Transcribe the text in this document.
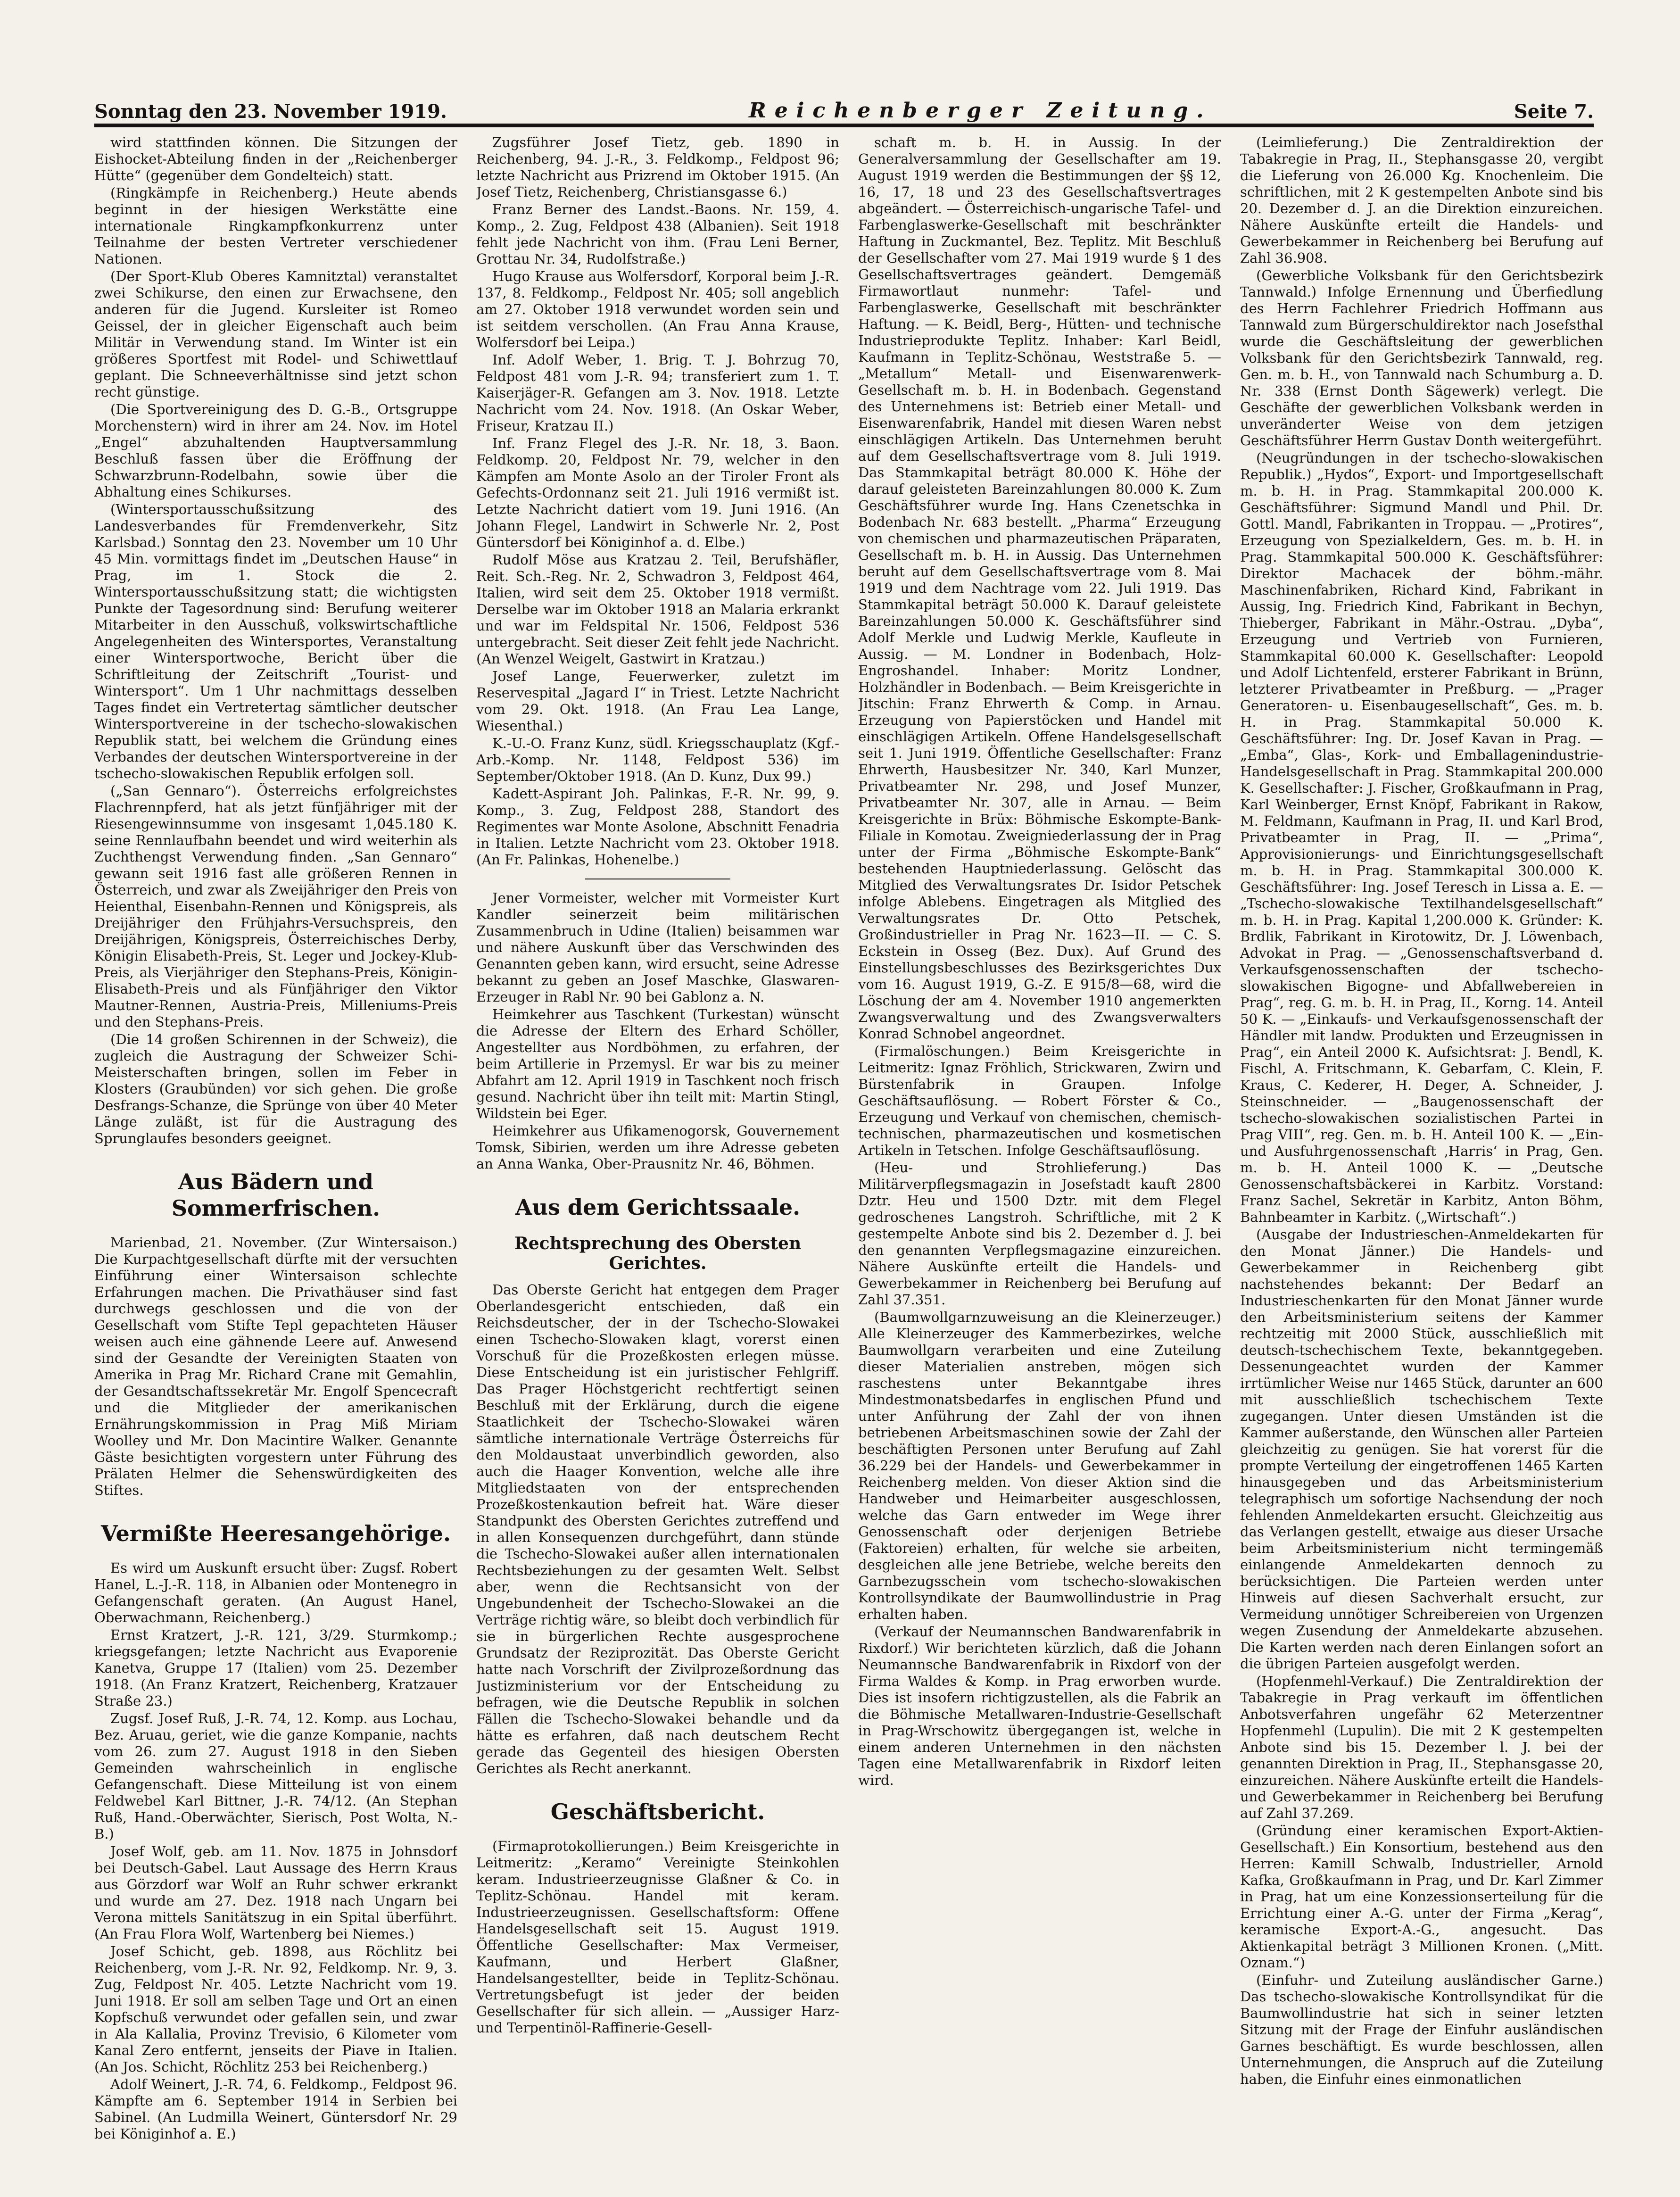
Sonntag den 23. November 1919.	Reichenberger Zeitung.	Seite 7.

wird stattfinden können. Die Sitzungen der Eishocket-Abteilung finden in der „Reichenberger Hütte“ (gegenüber dem Gondelteich) statt.

(Ringkämpfe in Reichenberg.) Heute abends beginnt in der hiesigen Werkstätte eine internationale Ringkampfkonkurrenz unter Teilnahme der besten Vertreter verschiedener Nationen.

(Der Sport-Klub Oberes Kamnitztal) veranstaltet zwei Schikurse, den einen zur Erwachsene, den anderen für die Jugend. Kursleiter ist Romeo Geissel, der in gleicher Eigenschaft auch beim Militär in Verwendung stand. Im Winter ist ein größeres Sportfest mit Rodel- und Schiwettlauf geplant. Die Schneeverhältnisse sind jetzt schon recht günstige.

(Die Sportvereinigung des D. G.-B., Ortsgruppe Morchenstern) wird in ihrer am 24. Nov. im Hotel „Engel“ abzuhaltenden Hauptversammlung Beschluß fassen über die Eröffnung der Schwarzbrunn-Rodelbahn, sowie über die Abhaltung eines Schikurses.

(Wintersportausschußsitzung des Landesverbandes für Fremdenverkehr, Sitz Karlsbad.) Sonntag den 23. November um 10 Uhr 45 Min. vormittags findet im „Deutschen Hause“ in Prag, im 1. Stock die 2. Wintersportausschußsitzung statt; die wichtigsten Punkte der Tagesordnung sind: Berufung weiterer Mitarbeiter in den Ausschuß, volkswirtschaftliche Angelegenheiten des Wintersportes, Veranstaltung einer Wintersportwoche, Bericht über die Schriftleitung der Zeitschrift „Tourist- und Wintersport“. Um 1 Uhr nachmittags desselben Tages findet ein Vertretertag sämtlicher deutscher Wintersportvereine in der tschecho-slowakischen Republik statt, bei welchem die Gründung eines Verbandes der deutschen Wintersportvereine in der tschecho-slowakischen Republik erfolgen soll.

(„San Gennaro“). Österreichs erfolgreichstes Flachrennpferd, hat als jetzt fünfjähriger mit der Riesengewinnsumme von insgesamt 1,045.180 K. seine Rennlaufbahn beendet und wird weiterhin als Zuchthengst Verwendung finden. „San Gennaro“ gewann seit 1916 fast alle größeren Rennen in Österreich, und zwar als Zweijähriger den Preis von Heienthal, Eisenbahn-Rennen und Königspreis, als Dreijähriger den Frühjahrs-Versuchspreis, den Dreijährigen, Königspreis, Österreichisches Derby, Königin Elisabeth-Preis, St. Leger und Jockey-Klub-Preis, als Vierjähriger den Stephans-Preis, Königin-Elisabeth-Preis und als Fünfjähriger den Viktor Mautner-Rennen, Austria-Preis, Milleniums-Preis und den Stephans-Preis.

(Die 14 großen Schirennen in der Schweiz), die zugleich die Austragung der Schweizer Schi-Meisterschaften bringen, sollen im Feber in Klosters (Graubünden) vor sich gehen. Die große Desfrangs-Schanze, die Sprünge von über 40 Meter Länge zuläßt, ist für die Austragung des Sprunglaufes besonders geeignet.

Aus Bädern und Sommerfrischen.

Marienbad, 21. November. (Zur Wintersaison.) Die Kurpachtgesellschaft dürfte mit der versuchten Einführung einer Wintersaison schlechte Erfahrungen machen. Die Privathäuser sind fast durchwegs geschlossen und die von der Gesellschaft vom Stifte Tepl gepachteten Häuser weisen auch eine gähnende Leere auf. Anwesend sind der Gesandte der Vereinigten Staaten von Amerika in Prag Mr. Richard Crane mit Gemahlin, der Gesandtschaftssekretär Mr. Engolf Spencecraft und die Mitglieder der amerikanischen Ernährungskommission in Prag Miß Miriam Woolley und Mr. Don Macintire Walker. Genannte Gäste besichtigten vorgestern unter Führung des Prälaten Helmer die Sehenswürdigkeiten des Stiftes.

Vermißte Heeresangehörige.

Es wird um Auskunft ersucht über: Zugsf. Robert Hanel, L.-J.-R. 118, in Albanien oder Montenegro in Gefangenschaft geraten. (An August Hanel, Oberwachmann, Reichenberg.)

Ernst Kratzert, J.-R. 121, 3/29. Sturmkomp.; kriegsgefangen; letzte Nachricht aus Evaporenie Kanetva, Gruppe 17 (Italien) vom 25. Dezember 1918. (An Franz Kratzert, Reichenberg, Kratzauer Straße 23.)

Zugsf. Josef Ruß, J.-R. 74, 12. Komp. aus Lochau, Bez. Aruau, geriet, wie die ganze Kompanie, nachts vom 26. zum 27. August 1918 in den Sieben Gemeinden wahrscheinlich in englische Gefangenschaft. Diese Mitteilung ist von einem Feldwebel Karl Bittner, J.-R. 74/12. (An Stephan Ruß, Hand.-Oberwächter, Sierisch, Post Wolta, N.-B.)

Josef Wolf, geb. am 11. Nov. 1875 in Johnsdorf bei Deutsch-Gabel. Laut Aussage des Herrn Kraus aus Görzdorf war Wolf an Ruhr schwer erkrankt und wurde am 27. Dez. 1918 nach Ungarn bei Verona mittels Sanitätszug in ein Spital überführt. (An Frau Flora Wolf, Wartenberg bei Niemes.)

Josef Schicht, geb. 1898, aus Röchlitz bei Reichenberg, vom J.-R. Nr. 92, Feldkomp. Nr. 9, 3. Zug, Feldpost Nr. 405. Letzte Nachricht vom 19. Juni 1918. Er soll am selben Tage und Ort an einen Kopfschuß verwundet oder gefallen sein, und zwar in Ala Kallalia, Provinz Trevisio, 6 Kilometer vom Kanal Zero entfernt, jenseits der Piave in Italien. (An Jos. Schicht, Röchlitz 253 bei Reichenberg.)

Adolf Weinert, J.-R. 74, 6. Feldkomp., Feldpost 96. Kämpfte am 6. September 1914 in Serbien bei Sabinel. (An Ludmilla Weinert, Güntersdorf Nr. 29 bei Königinhof a. E.)

Zugsführer Josef Tietz, geb. 1890 in Reichenberg, 94. J.-R., 3. Feldkomp., Feldpost 96; letzte Nachricht aus Prizrend im Oktober 1915. (An Josef Tietz, Reichenberg, Christiansgasse 6.)

Franz Berner des Landst.-Baons. Nr. 159, 4. Komp., 2. Zug, Feldpost 438 (Albanien). Seit 1918 fehlt jede Nachricht von ihm. (Frau Leni Berner, Grottau Nr. 34, Rudolfstraße.)

Hugo Krause aus Wolfersdorf, Korporal beim J.-R. 137, 8. Feldkomp., Feldpost Nr. 405; soll angeblich am 27. Oktober 1918 verwundet worden sein und ist seitdem verschollen. (An Frau Anna Krause, Wolfersdorf bei Leipa.)

Inf. Adolf Weber, 1. Brig. T. J. Bohrzug 70, Feldpost 481 vom J.-R. 94; transferiert zum 1. T. Kaiserjäger-R. Gefangen am 3. Nov. 1918. Letzte Nachricht vom 24. Nov. 1918. (An Oskar Weber, Friseur, Kratzau II.)

Inf. Franz Flegel des J.-R. Nr. 18, 3. Baon. Feldkomp. 20, Feldpost Nr. 79, welcher in den Kämpfen am Monte Asolo an der Tiroler Front als Gefechts-Ordonnanz seit 21. Juli 1916 vermißt ist. Letzte Nachricht datiert vom 19. Juni 1916. (An Johann Flegel, Landwirt in Schwerle Nr. 2, Post Güntersdorf bei Königinhof a. d. Elbe.)

Rudolf Möse aus Kratzau 2. Teil, Berufshäfler, Reit. Sch.-Reg. Nr. 2, Schwadron 3, Feldpost 464, Italien, wird seit dem 25. Oktober 1918 vermißt. Derselbe war im Oktober 1918 an Malaria erkrankt und war im Feldspital Nr. 1506, Feldpost 536 untergebracht. Seit dieser Zeit fehlt jede Nachricht. (An Wenzel Weigelt, Gastwirt in Kratzau.)

Josef Lange, Feuerwerker, zuletzt im Reservespital „Jagard I“ in Triest. Letzte Nachricht vom 29. Okt. 1918. (An Frau Lea Lange, Wiesenthal.)

K.-U.-O. Franz Kunz, südl. Kriegsschauplatz (Kgf.-Arb.-Komp. Nr. 1148, Feldpost 536) im September/Oktober 1918. (An D. Kunz, Dux 99.)

Kadett-Aspirant Joh. Palinkas, F.-R. Nr. 99, 9. Komp., 3. Zug, Feldpost 288, Standort des Regimentes war Monte Asolone, Abschnitt Fenadria in Italien. Letzte Nachricht vom 23. Oktober 1918. (An Fr. Palinkas, Hohenelbe.)

Jener Vormeister, welcher mit Vormeister Kurt Kandler seinerzeit beim militärischen Zusammenbruch in Udine (Italien) beisammen war und nähere Auskunft über das Verschwinden des Genannten geben kann, wird ersucht, seine Adresse bekannt zu geben an Josef Maschke, Glaswaren-Erzeuger in Rabl Nr. 90 bei Gablonz a. N.

Heimkehrer aus Taschkent (Turkestan) wünscht die Adresse der Eltern des Erhard Schöller, Angestellter aus Nordböhmen, zu erfahren, der beim Artillerie in Przemysl. Er war bis zu meiner Abfahrt am 12. April 1919 in Taschkent noch frisch gesund. Nachricht über ihn teilt mit: Martin Stingl, Wildstein bei Eger.

Heimkehrer aus Ufikamenogorsk, Gouvernement Tomsk, Sibirien, werden um ihre Adresse gebeten an Anna Wanka, Ober-Prausnitz Nr. 46, Böhmen.

Aus dem Gerichtssaale.
Rechtsprechung des Obersten Gerichtes.

Das Oberste Gericht hat entgegen dem Prager Oberlandesgericht entschieden, daß ein Reichsdeutscher, der in der Tschecho-Slowakei einen Tschecho-Slowaken klagt, vorerst einen Vorschuß für die Prozeßkosten erlegen müsse. Diese Entscheidung ist ein juristischer Fehlgriff. Das Prager Höchstgericht rechtfertigt seinen Beschluß mit der Erklärung, durch die eigene Staatlichkeit der Tschecho-Slowakei wären sämtliche internationale Verträge Österreichs für den Moldaustaat unverbindlich geworden, also auch die Haager Konvention, welche alle ihre Mitgliedstaaten von der entsprechenden Prozeßkostenkaution befreit hat. Wäre dieser Standpunkt des Obersten Gerichtes zutreffend und in allen Konsequenzen durchgeführt, dann stünde die Tschecho-Slowakei außer allen internationalen Rechtsbeziehungen zu der gesamten Welt. Selbst aber, wenn die Rechtsansicht von der Ungebundenheit der Tschecho-Slowakei an die Verträge richtig wäre, so bleibt doch verbindlich für sie in bürgerlichen Rechte ausgesprochene Grundsatz der Reziprozität. Das Oberste Gericht hatte nach Vorschrift der Zivilprozeßordnung das Justizministerium vor der Entscheidung zu befragen, wie die Deutsche Republik in solchen Fällen die Tschecho-Slowakei behandle und da hätte es erfahren, daß nach deutschem Recht gerade das Gegenteil des hiesigen Obersten Gerichtes als Recht anerkannt.

Geschäftsbericht.

(Firmaprotokollierungen.) Beim Kreisgerichte in Leitmeritz: „Keramo“ Vereinigte Steinkohlen keram. Industrieerzeugnisse Glaßner & Co. in Teplitz-Schönau. Handel mit keram. Industrieerzeugnissen. Gesellschaftsform: Offene Handelsgesellschaft seit 15. August 1919. Öffentliche Gesellschafter: Max Vermeiser, Kaufmann, und Herbert Glaßner, Handelsangestellter, beide in Teplitz-Schönau. Vertretungsbefugt ist jeder der beiden Gesellschafter für sich allein. — „Aussiger Harz- und Terpentinöl-Raffinerie-Gesell-

schaft m. b. H. in Aussig. In der Generalversammlung der Gesellschafter am 19. August 1919 werden die Bestimmungen der §§ 12, 16, 17, 18 und 23 des Gesellschaftsvertrages abgeändert. — Österreichisch-ungarische Tafel- und Farbenglaswerke-Gesellschaft mit beschränkter Haftung in Zuckmantel, Bez. Teplitz. Mit Beschluß der Gesellschafter vom 27. Mai 1919 wurde § 1 des Gesellschaftsvertrages geändert. Demgemäß Firmawortlaut nunmehr: Tafel- und Farbenglaswerke, Gesellschaft mit beschränkter Haftung. — K. Beidl, Berg-, Hütten- und technische Industrieprodukte Teplitz. Inhaber: Karl Beidl, Kaufmann in Teplitz-Schönau, Weststraße 5. — „Metallum“ Metall- und Eisenwarenwerk-Gesellschaft m. b. H. in Bodenbach. Gegenstand des Unternehmens ist: Betrieb einer Metall- und Eisenwarenfabrik, Handel mit diesen Waren nebst einschlägigen Artikeln. Das Unternehmen beruht auf dem Gesellschaftsvertrage vom 8. Juli 1919. Das Stammkapital beträgt 80.000 K. Höhe der darauf geleisteten Bareinzahlungen 80.000 K. Zum Geschäftsführer wurde Ing. Hans Czenetschka in Bodenbach Nr. 683 bestellt. „Pharma“ Erzeugung von chemischen und pharmazeutischen Präparaten, Gesellschaft m. b. H. in Aussig. Das Unternehmen beruht auf dem Gesellschaftsvertrage vom 8. Mai 1919 und dem Nachtrage vom 22. Juli 1919. Das Stammkapital beträgt 50.000 K. Darauf geleistete Bareinzahlungen 50.000 K. Geschäftsführer sind Adolf Merkle und Ludwig Merkle, Kaufleute in Aussig. — M. Londner in Bodenbach, Holz-Engroshandel. Inhaber: Moritz Londner, Holzhändler in Bodenbach. — Beim Kreisgerichte in Jitschin: Franz Ehrwerth & Comp. in Arnau. Erzeugung von Papierstöcken und Handel mit einschlägigen Artikeln. Offene Handelsgesellschaft seit 1. Juni 1919. Öffentliche Gesellschafter: Franz Ehrwerth, Hausbesitzer Nr. 340, Karl Munzer, Privatbeamter Nr. 298, und Josef Munzer, Privatbeamter Nr. 307, alle in Arnau. — Beim Kreisgerichte in Brüx: Böhmische Eskompte-Bank-Filiale in Komotau. Zweigniederlassung der in Prag unter der Firma „Böhmische Eskompte-Bank“ bestehenden Hauptniederlassung. Gelöscht das Mitglied des Verwaltungsrates Dr. Isidor Petschek infolge Ablebens. Eingetragen als Mitglied des Verwaltungsrates Dr. Otto Petschek, Großindustrieller in Prag Nr. 1623—II. — C. S. Eckstein in Osseg (Bez. Dux). Auf Grund des Einstellungsbeschlusses des Bezirksgerichtes Dux vom 16. August 1919, G.-Z. E 915/8—68, wird die Löschung der am 4. November 1910 angemerkten Zwangsverwaltung und des Zwangsverwalters Konrad Schnobel angeordnet.

(Firmalöschungen.) Beim Kreisgerichte in Leitmeritz: Ignaz Fröhlich, Strickwaren, Zwirn und Bürstenfabrik in Graupen. Infolge Geschäftsauflösung. — Robert Förster & Co., Erzeugung und Verkauf von chemischen, chemisch-technischen, pharmazeutischen und kosmetischen Artikeln in Tetschen. Infolge Geschäftsauflösung.

(Heu- und Strohlieferung.) Das Militärverpflegsmagazin in Josefstadt kauft 2800 Dztr. Heu und 1500 Dztr. mit dem Flegel gedroschenes Langstroh. Schriftliche, mit 2 K gestempelte Anbote sind bis 2. Dezember d. J. bei den genannten Verpflegsmagazine einzureichen. Nähere Auskünfte erteilt die Handels- und Gewerbekammer in Reichenberg bei Berufung auf Zahl 37.351.

(Baumwollgarnzuweisung an die Kleinerzeuger.) Alle Kleinerzeuger des Kammerbezirkes, welche Baumwollgarn verarbeiten und eine Zuteilung dieser Materialien anstreben, mögen sich raschestens unter Bekanntgabe ihres Mindestmonatsbedarfes in englischen Pfund und unter Anführung der Zahl der von ihnen betriebenen Arbeitsmaschinen sowie der Zahl der beschäftigten Personen unter Berufung auf Zahl 36.229 bei der Handels- und Gewerbekammer in Reichenberg melden. Von dieser Aktion sind die Handweber und Heimarbeiter ausgeschlossen, welche das Garn entweder im Wege ihrer Genossenschaft oder derjenigen Betriebe (Faktoreien) erhalten, für welche sie arbeiten, desgleichen alle jene Betriebe, welche bereits den Garnbezugsschein vom tschecho-slowakischen Kontrollsyndikate der Baumwollindustrie in Prag erhalten haben.

(Verkauf der Neumannschen Bandwarenfabrik in Rixdorf.) Wir berichteten kürzlich, daß die Johann Neumannsche Bandwarenfabrik in Rixdorf von der Firma Waldes & Komp. in Prag erworben wurde. Dies ist insofern richtigzustellen, als die Fabrik an die Böhmische Metallwaren-Industrie-Gesellschaft in Prag-Wrschowitz übergegangen ist, welche in einem anderen Unternehmen in den nächsten Tagen eine Metallwarenfabrik in Rixdorf leiten wird.

(Leimlieferung.) Die Zentraldirektion der Tabakregie in Prag, II., Stephansgasse 20, vergibt die Lieferung von 26.000 Kg. Knochenleim. Die schriftlichen, mit 2 K gestempelten Anbote sind bis 20. Dezember d. J. an die Direktion einzureichen. Nähere Auskünfte erteilt die Handels- und Gewerbekammer in Reichenberg bei Berufung auf Zahl 36.908.

(Gewerbliche Volksbank für den Gerichtsbezirk Tannwald.) Infolge Ernennung und Überfiedlung des Herrn Fachlehrer Friedrich Hoffmann aus Tannwald zum Bürgerschuldirektor nach Josefsthal wurde die Geschäftsleitung der gewerblichen Volksbank für den Gerichtsbezirk Tannwald, reg. Gen. m. b. H., von Tannwald nach Schumburg a. D. Nr. 338 (Ernst Donth Sägewerk) verlegt. Die Geschäfte der gewerblichen Volksbank werden in unveränderter Weise von dem jetzigen Geschäftsführer Herrn Gustav Donth weitergeführt.

(Neugründungen in der tschecho-slowakischen Republik.) „Hydos“, Export- und Importgesellschaft m. b. H. in Prag. Stammkapital 200.000 K. Geschäftsführer: Sigmund Mandl und Phil. Dr. Gottl. Mandl, Fabrikanten in Troppau. — „Protires“, Erzeugung von Spezialkeldern, Ges. m. b. H. in Prag. Stammkapital 500.000 K. Geschäftsführer: Direktor Machacek der böhm.-mähr. Maschinenfabriken, Richard Kind, Fabrikant in Aussig, Ing. Friedrich Kind, Fabrikant in Bechyn, Thieberger, Fabrikant in Mähr.-Ostrau. „Dyba“, Erzeugung und Vertrieb von Furnieren, Stammkapital 60.000 K. Gesellschafter: Leopold und Adolf Lichtenfeld, ersterer Fabrikant in Brünn, letzterer Privatbeamter in Preßburg. — „Prager Generatoren- u. Eisenbaugesellschaft“, Ges. m. b. H. in Prag. Stammkapital 50.000 K. Geschäftsführer: Ing. Dr. Josef Kavan in Prag. — „Emba“, Glas-, Kork- und Emballagenindustrie-Handelsgesellschaft in Prag. Stammkapital 200.000 K. Gesellschafter: J. Fischer, Großkaufmann in Prag, Karl Weinberger, Ernst Knöpf, Fabrikant in Rakow, M. Feldmann, Kaufmann in Prag, II. und Karl Brod, Privatbeamter in Prag, II. — „Prima“, Approvisionierungs- und Einrichtungsgesellschaft m. b. H. in Prag. Stammkapital 300.000 K. Geschäftsführer: Ing. Josef Teresch in Lissa a. E. — „Tschecho-slowakische Textilhandelsgesellschaft“ m. b. H. in Prag. Kapital 1,200.000 K. Gründer: K. Brdlik, Fabrikant in Kirotowitz, Dr. J. Löwenbach, Advokat in Prag. — „Genossenschaftsverband d. Verkaufsgenossenschaften der tschecho-slowakischen Bigogne- und Abfallwebereien in Prag“, reg. G. m. b. H. in Prag, II., Korng. 14. Anteil 50 K. — „Einkaufs- und Verkaufsgenossenschaft der Händler mit landw. Produkten und Erzeugnissen in Prag“, ein Anteil 2000 K. Aufsichtsrat: J. Bendl, K. Fischl, A. Fritschmann, K. Gebarfam, C. Klein, F. Kraus, C. Kederer, H. Deger, A. Schneider, J. Steinschneider. — „Baugenossenschaft der tschecho-slowakischen sozialistischen Partei in Prag VIII“, reg. Gen. m. b. H. Anteil 100 K. — „Ein- und Ausfuhrgenossenschaft ,Harris‘ in Prag, Gen. m. b. H. Anteil 1000 K. — „Deutsche Genossenschaftsbäckerei in Karbitz. Vorstand: Franz Sachel, Sekretär in Karbitz, Anton Böhm, Bahnbeamter in Karbitz. („Wirtschaft“.)

(Ausgabe der Industrieschen-Anmeldekarten für den Monat Jänner.) Die Handels- und Gewerbekammer in Reichenberg gibt nachstehendes bekannt: Der Bedarf an Industrieschenkarten für den Monat Jänner wurde den Arbeitsministerium seitens der Kammer rechtzeitig mit 2000 Stück, ausschließlich mit deutsch-tschechischem Texte, bekanntgegeben. Dessenungeachtet wurden der Kammer irrtümlicher Weise nur 1465 Stück, darunter an 600 mit ausschließlich tschechischem Texte zugegangen. Unter diesen Umständen ist die Kammer außerstande, den Wünschen aller Parteien gleichzeitig zu genügen. Sie hat vorerst für die prompte Verteilung der eingetroffenen 1465 Karten hinausgegeben und das Arbeitsministerium telegraphisch um sofortige Nachsendung der noch fehlenden Anmeldekarten ersucht. Gleichzeitig aus das Verlangen gestellt, etwaige aus dieser Ursache beim Arbeitsministerium nicht termingemäß einlangende Anmeldekarten dennoch zu berücksichtigen. Die Parteien werden unter Hinweis auf diesen Sachverhalt ersucht, zur Vermeidung unnötiger Schreibereien von Urgenzen wegen Zusendung der Anmeldekarte abzusehen. Die Karten werden nach deren Einlangen sofort an die übrigen Parteien ausgefolgt werden.

(Hopfenmehl-Verkauf.) Die Zentraldirektion der Tabakregie in Prag verkauft im öffentlichen Anbotsverfahren ungefähr 62 Meterzentner Hopfenmehl (Lupulin). Die mit 2 K gestempelten Anbote sind bis 15. Dezember l. J. bei der genannten Direktion in Prag, II., Stephansgasse 20, einzureichen. Nähere Auskünfte erteilt die Handels- und Gewerbekammer in Reichenberg bei Berufung auf Zahl 37.269.

(Gründung einer keramischen Export-Aktien-Gesellschaft.) Ein Konsortium, bestehend aus den Herren: Kamill Schwalb, Industrieller, Arnold Kafka, Großkaufmann in Prag, und Dr. Karl Zimmer in Prag, hat um eine Konzessionserteilung für die Errichtung einer A.-G. unter der Firma „Kerag“, keramische Export-A.-G., angesucht. Das Aktienkapital beträgt 3 Millionen Kronen. („Mitt. Oznam.“)

(Einfuhr- und Zuteilung ausländischer Garne.) Das tschecho-slowakische Kontrollsyndikat für die Baumwollindustrie hat sich in seiner letzten Sitzung mit der Frage der Einfuhr ausländischen Garnes beschäftigt. Es wurde beschlossen, allen Unternehmungen, die Anspruch auf die Zuteilung haben, die Einfuhr eines einmonatlichen
